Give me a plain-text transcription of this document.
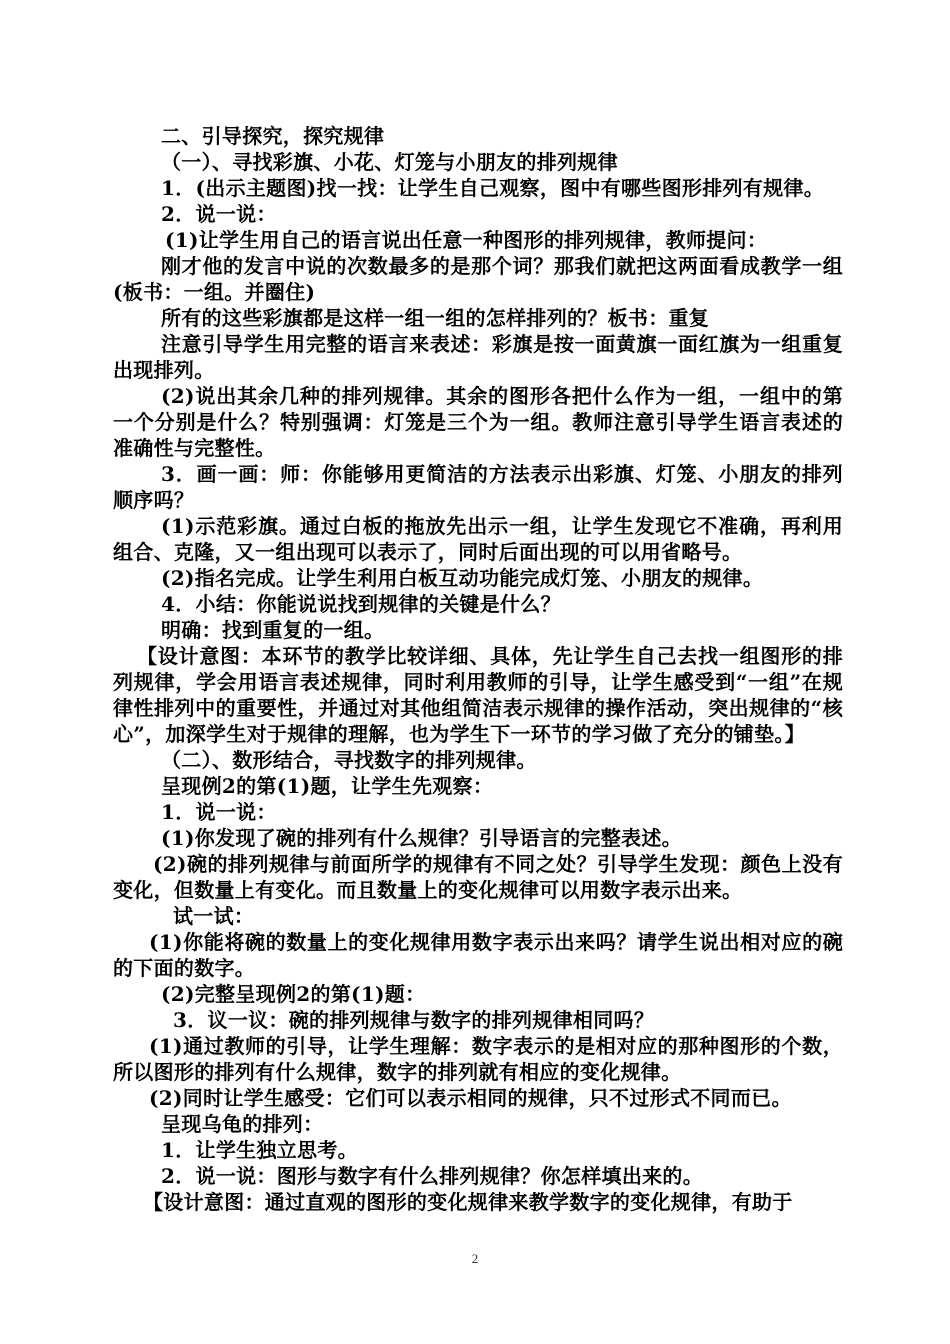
二、引导探究，探究规律

（一）、寻找彩旗、小花、灯笼与小朋友的排列规律

1．(出示主题图)找一找：让学生自己观察，图中有哪些图形排列有规律。

2．说一说：

(1)让学生用自己的语言说出任意一种图形的排列规律，教师提问：

刚才他的发言中说的次数最多的是那个词？那我们就把这两面看成教学一组(板书：一组。并圈住)

所有的这些彩旗都是这样一组一组的怎样排列的？板书：重复

注意引导学生用完整的语言来表述：彩旗是按一面黄旗一面红旗为一组重复出现排列。

(2)说出其余几种的排列规律。其余的图形各把什么作为一组，一组中的第一个分别是什么？特别强调：灯笼是三个为一组。教师注意引导学生语言表述的准确性与完整性。

3．画一画：师：你能够用更简洁的方法表示出彩旗、灯笼、小朋友的排列顺序吗？

(1)示范彩旗。通过白板的拖放先出示一组，让学生发现它不准确，再利用组合、克隆，又一组出现可以表示了，同时后面出现的可以用省略号。

(2)指名完成。让学生利用白板互动功能完成灯笼、小朋友的规律。

4．小结：你能说说找到规律的关键是什么？

明确：找到重复的一组。

【设计意图：本环节的教学比较详细、具体，先让学生自己去找一组图形的排列规律，学会用语言表述规律，同时利用教师的引导，让学生感受到“一组”在规律性排列中的重要性，并通过对其他组简洁表示规律的操作活动，突出规律的“核心”，加深学生对于规律的理解，也为学生下一环节的学习做了充分的铺垫。】

（二）、数形结合，寻找数字的排列规律。

呈现例2的第(1)题，让学生先观察：

1．说一说：

(1)你发现了碗的排列有什么规律？引导语言的完整表述。

(2)碗的排列规律与前面所学的规律有不同之处？引导学生发现：颜色上没有变化，但数量上有变化。而且数量上的变化规律可以用数字表示出来。

试一试：

(1)你能将碗的数量上的变化规律用数字表示出来吗？请学生说出相对应的碗的下面的数字。

(2)完整呈现例2的第(1)题：

3．议一议：碗的排列规律与数字的排列规律相同吗？

(1)通过教师的引导，让学生理解：数字表示的是相对应的那种图形的个数，所以图形的排列有什么规律，数字的排列就有相应的变化规律。

(2)同时让学生感受：它们可以表示相同的规律，只不过形式不同而已。

呈现乌龟的排列：

1．让学生独立思考。

2．说一说：图形与数字有什么排列规律？你怎样填出来的。

【设计意图：通过直观的图形的变化规律来教学数字的变化规律，有助于

2
